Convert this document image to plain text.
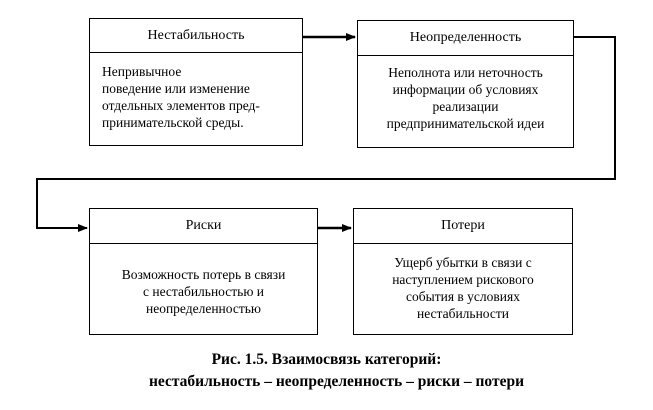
Нестабильность
Непривычное
поведение или изменение
отдельных элементов пред-
принимательской среды.
Неопределенность
Неполнота или неточность
информации об условиях
реализации
предпринимательской идеи
Риски
Возможность потерь в связи
с нестабильностью и
неопределенностью
Потери
Ущерб убытки в связи с
наступлением рискового
события в условиях
нестабильности
Рис. 1.5. Взаимосвязь категорий:
нестабильность – неопределенность – риски – потери
